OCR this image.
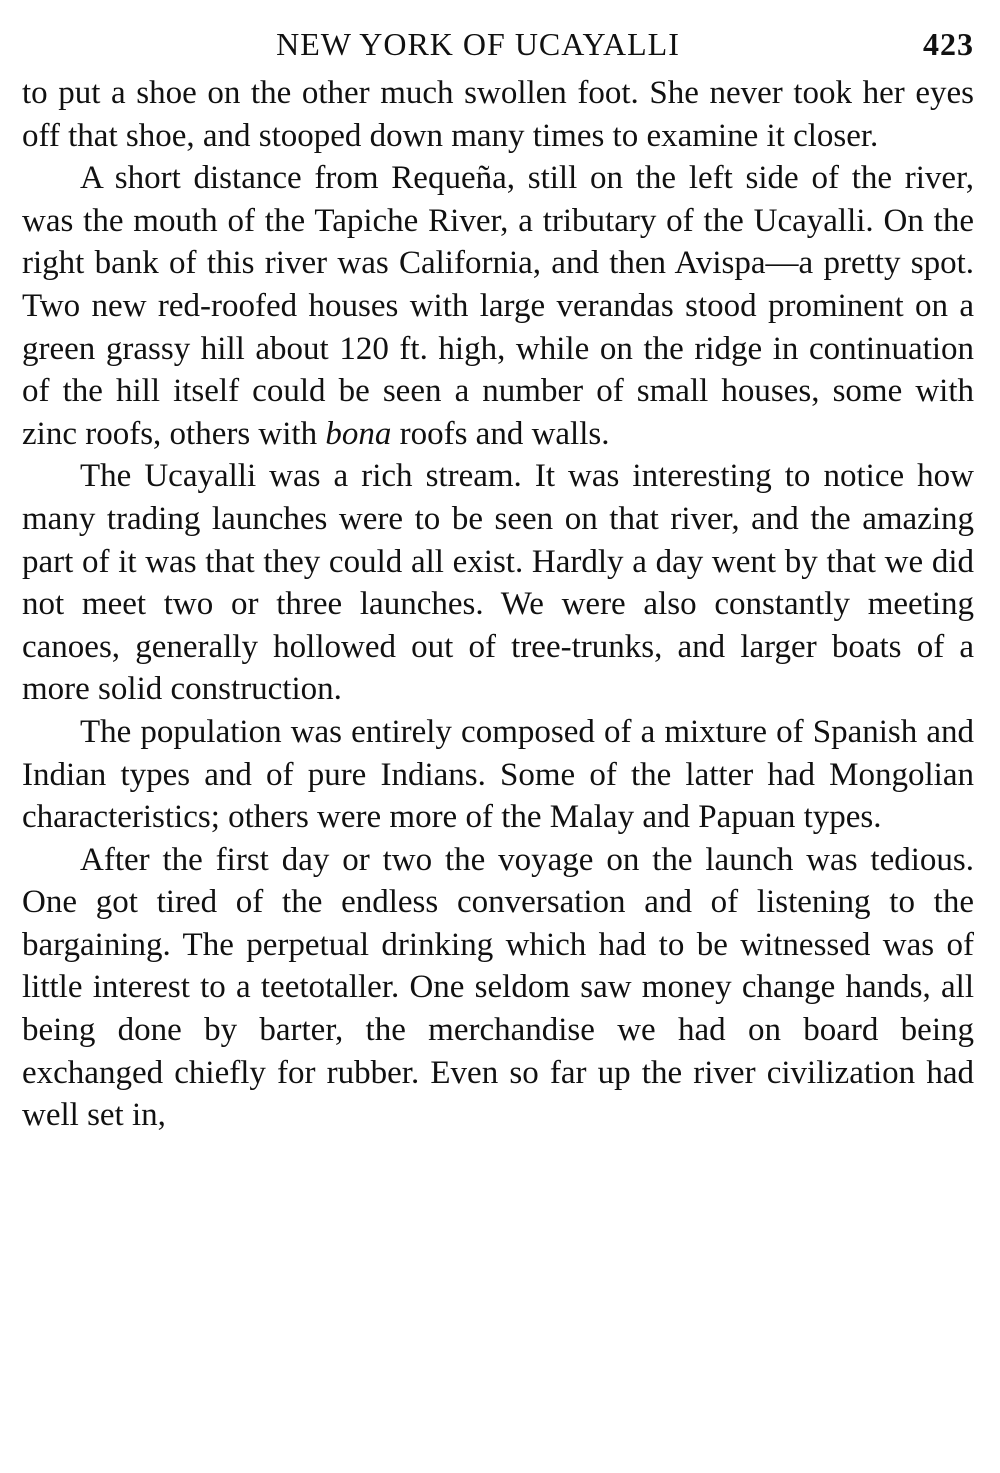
NEW YORK OF UCAYALLI	423

to put a shoe on the other much swollen foot. She never took her eyes off that shoe, and stooped down many times to examine it closer.

A short distance from Requeña, still on the left side of the river, was the mouth of the Tapiche River, a tributary of the Ucayalli. On the right bank of this river was California, and then Avispa—a pretty spot. Two new red-roofed houses with large verandas stood prominent on a green grassy hill about 120 ft. high, while on the ridge in continuation of the hill itself could be seen a number of small houses, some with zinc roofs, others with bona roofs and walls.

The Ucayalli was a rich stream. It was interesting to notice how many trading launches were to be seen on that river, and the amazing part of it was that they could all exist. Hardly a day went by that we did not meet two or three launches. We were also constantly meeting canoes, generally hollowed out of tree-trunks, and larger boats of a more solid construction.

The population was entirely composed of a mixture of Spanish and Indian types and of pure Indians. Some of the latter had Mongolian characteristics; others were more of the Malay and Papuan types.

After the first day or two the voyage on the launch was tedious. One got tired of the endless conversation and of listening to the bargaining. The perpetual drinking which had to be witnessed was of little interest to a teetotaller. One seldom saw money change hands, all being done by barter, the merchandise we had on board being exchanged chiefly for rubber. Even so far up the river civilization had well set in,
